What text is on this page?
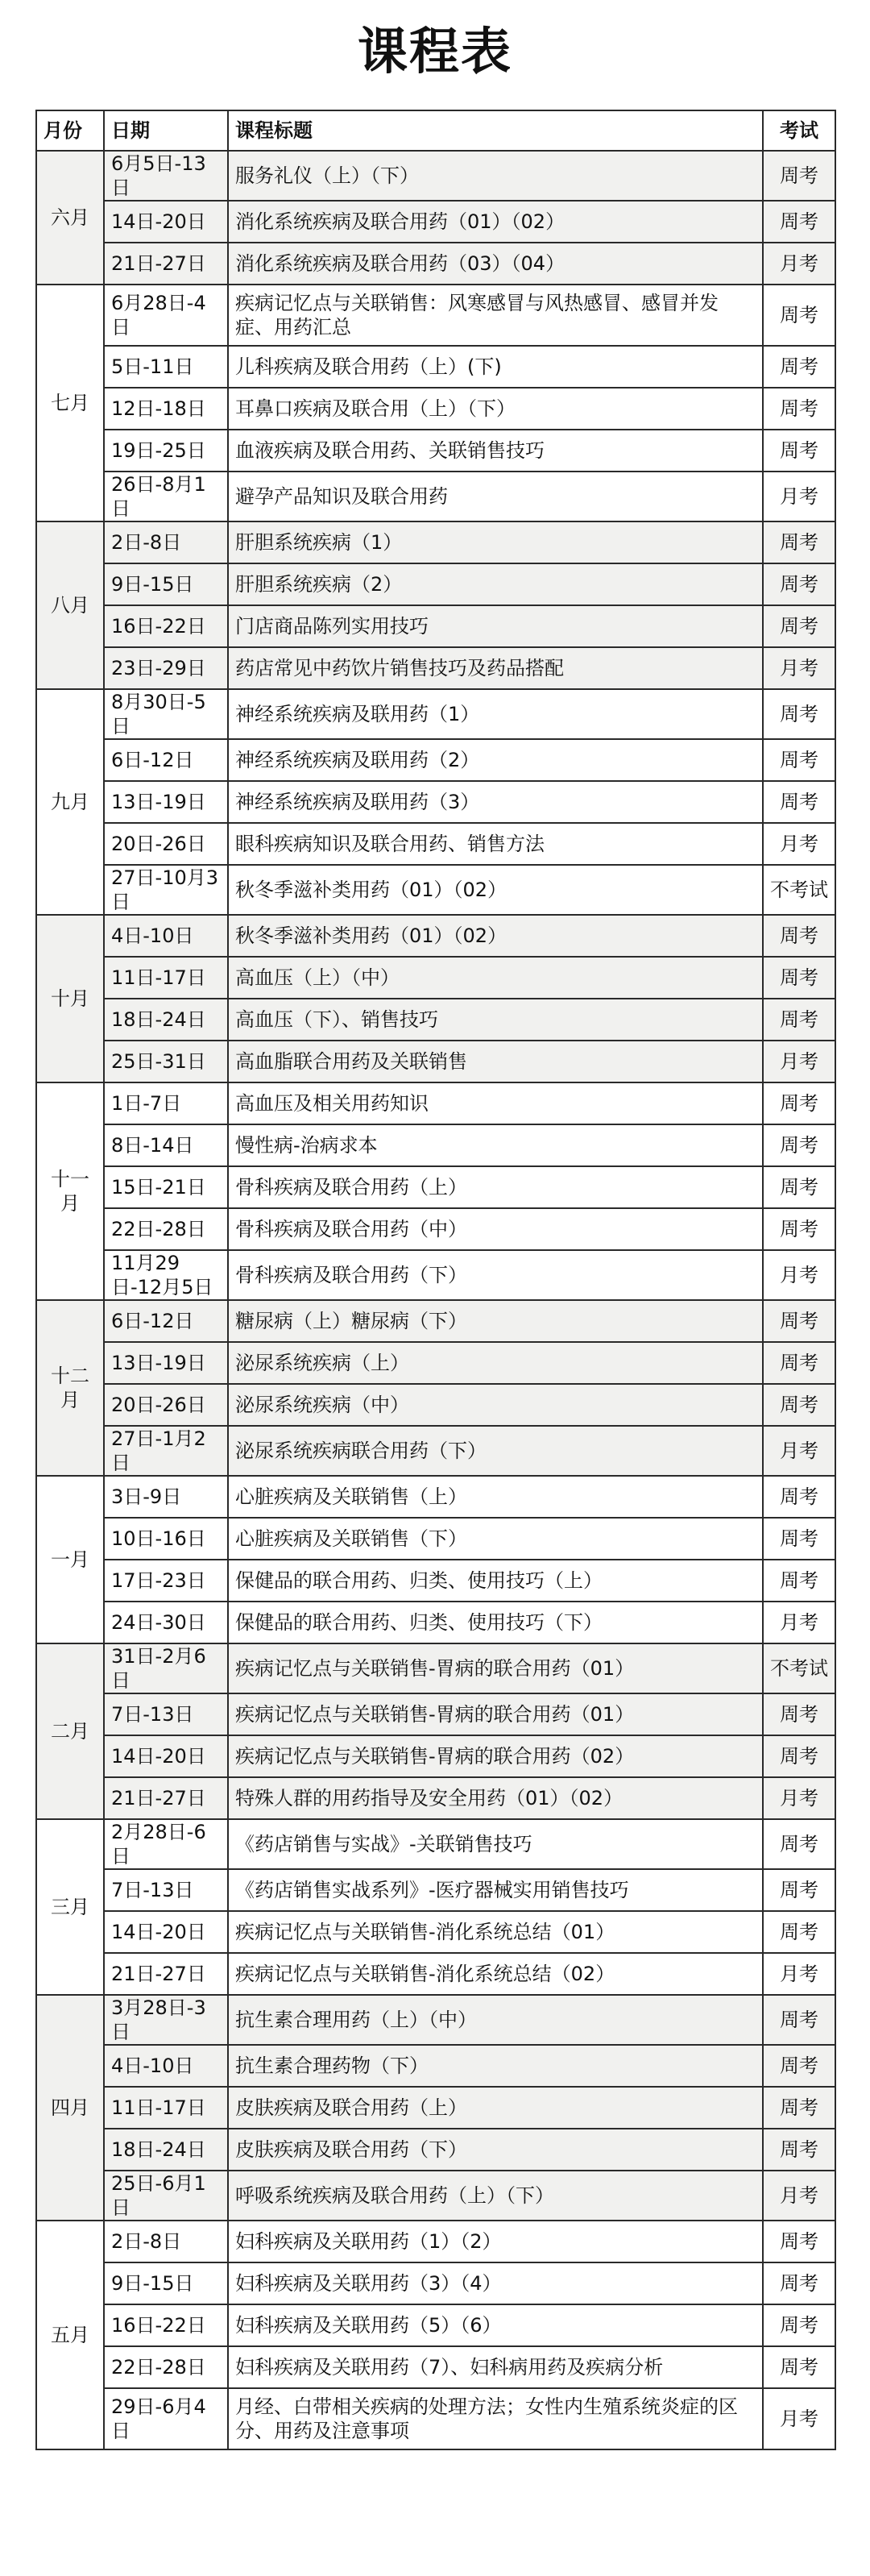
课程表
月份	日期	课程标题	考试
六月	6月5日-13日	服务礼仪（上）（下）	周考
	14日-20日	消化系统疾病及联合用药（01）（02）	周考
	21日-27日	消化系统疾病及联合用药（03）（04）	月考
七月	6月28日-4日	疾病记忆点与关联销售：风寒感冒与风热感冒、感冒并发症、用药汇总	周考
	5日-11日	儿科疾病及联合用药（上）(下)	周考
	12日-18日	耳鼻口疾病及联合用（上）（下）	周考
	19日-25日	血液疾病及联合用药、关联销售技巧	周考
	26日-8月1日	避孕产品知识及联合用药	月考
八月	2日-8日	肝胆系统疾病（1）	周考
	9日-15日	肝胆系统疾病（2）	周考
	16日-22日	门店商品陈列实用技巧	周考
	23日-29日	药店常见中药饮片销售技巧及药品搭配	月考
九月	8月30日-5日	神经系统疾病及联用药（1）	周考
	6日-12日	神经系统疾病及联用药（2）	周考
	13日-19日	神经系统疾病及联用药（3）	周考
	20日-26日	眼科疾病知识及联合用药、销售方法	月考
	27日-10月3日	秋冬季滋补类用药（01）（02）	不考试
十月	4日-10日	秋冬季滋补类用药（01）（02）	周考
	11日-17日	高血压（上）（中）	周考
	18日-24日	高血压（下）、销售技巧	周考
	25日-31日	高血脂联合用药及关联销售	月考
十一月	1日-7日	高血压及相关用药知识	周考
	8日-14日	慢性病-治病求本	周考
	15日-21日	骨科疾病及联合用药（上）	周考
	22日-28日	骨科疾病及联合用药（中）	周考
	11月29日-12月5日	骨科疾病及联合用药（下）	月考
十二月	6日-12日	糖尿病（上）糖尿病（下）	周考
	13日-19日	泌尿系统疾病（上）	周考
	20日-26日	泌尿系统疾病（中）	周考
	27日-1月2日	泌尿系统疾病联合用药（下）	月考
一月	3日-9日	心脏疾病及关联销售（上）	周考
	10日-16日	心脏疾病及关联销售（下）	周考
	17日-23日	保健品的联合用药、归类、使用技巧（上）	周考
	24日-30日	保健品的联合用药、归类、使用技巧（下）	月考
二月	31日-2月6日	疾病记忆点与关联销售-胃病的联合用药（01）	不考试
	7日-13日	疾病记忆点与关联销售-胃病的联合用药（01）	周考
	14日-20日	疾病记忆点与关联销售-胃病的联合用药（02）	周考
	21日-27日	特殊人群的用药指导及安全用药（01）（02）	月考
三月	2月28日-6日	《药店销售与实战》-关联销售技巧	周考
	7日-13日	《药店销售实战系列》-医疗器械实用销售技巧	周考
	14日-20日	疾病记忆点与关联销售-消化系统总结（01）	周考
	21日-27日	疾病记忆点与关联销售-消化系统总结（02）	月考
四月	3月28日-3日	抗生素合理用药（上）（中）	周考
	4日-10日	抗生素合理药物（下）	周考
	11日-17日	皮肤疾病及联合用药（上）	周考
	18日-24日	皮肤疾病及联合用药（下）	周考
	25日-6月1日	呼吸系统疾病及联合用药（上）（下）	月考
五月	2日-8日	妇科疾病及关联用药（1）（2）	周考
	9日-15日	妇科疾病及关联用药（3）（4）	周考
	16日-22日	妇科疾病及关联用药（5）（6）	周考
	22日-28日	妇科疾病及关联用药（7）、妇科病用药及疾病分析	周考
	29日-6月4日	月经、白带相关疾病的处理方法；女性内生殖系统炎症的区分、用药及注意事项	月考
